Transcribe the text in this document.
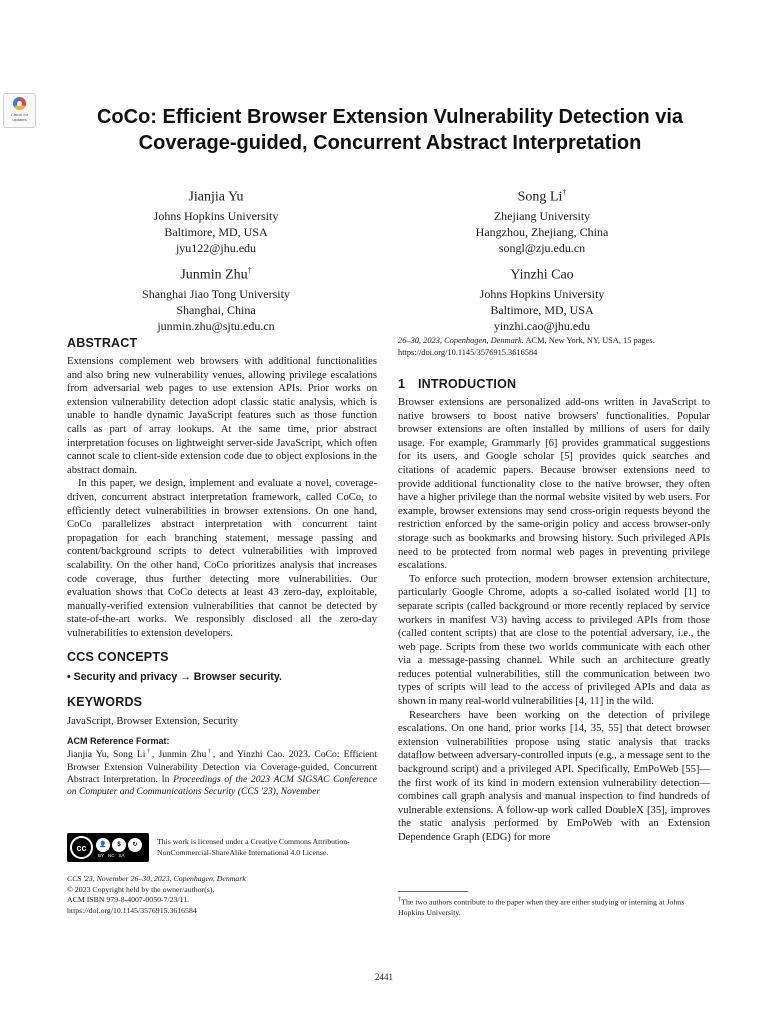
Check for
updates	CoCo: Efficient Browser Extension Vulnerability Detection via
Coverage-guided, Concurrent Abstract Interpretation
Jianjia Yu
Johns Hopkins University
Baltimore, MD, USA
jyu122@jhu.edu
Song Li†
Zhejiang University
Hangzhou, Zhejiang, China
songl@zju.edu.cn
Junmin Zhu†
Shanghai Jiao Tong University
Shanghai, China
junmin.zhu@sjtu.edu.cn
Yinzhi Cao
Johns Hopkins University
Baltimore, MD, USA
yinzhi.cao@jhu.edu
ABSTRACT

Extensions complement web browsers with additional functionalities and also bring new vulnerability venues, allowing privilege escalations from adversarial web pages to use extension APIs. Prior works on extension vulnerability detection adopt classic static analysis, which is unable to handle dynamic JavaScript features such as those function calls as part of array lookups. At the same time, prior abstract interpretation focuses on lightweight server-side JavaScript, which often cannot scale to client-side extension code due to object explosions in the abstract domain.

In this paper, we design, implement and evaluate a novel, coverage-driven, concurrent abstract interpretation framework, called CoCo, to efficiently detect vulnerabilities in browser extensions. On one hand, CoCo parallelizes abstract interpretation with concurrent taint propagation for each branching statement, message passing and content/background scripts to detect vulnerabilities with improved scalability. On the other hand, CoCo prioritizes analysis that increases code coverage, thus further detecting more vulnerabilities. Our evaluation shows that CoCo detects at least 43 zero-day, exploitable, manually-verified extension vulnerabilities that cannot be detected by state-of-the-art works. We responsibly disclosed all the zero-day vulnerabilities to extension developers.

CCS CONCEPTS
• Security and privacy → Browser security.
KEYWORDS

JavaScript, Browser Extension, Security

ACM Reference Format:
Jianjia Yu, Song Li†, Junmin Zhu†, and Yinzhi Cao. 2023. CoCo: Efficient Browser Extension Vulnerability Detection via Coverage-guided, Concurrent Abstract Interpretation. In Proceedings of the 2023 ACM SIGSAC Conference on Computer and Communications Security (CCS '23), November
cc	👤	$	↻
BY NC SA
This work is licensed under a Creative Commons Attribution-NonCommercial-ShareAlike International 4.0 License.
CCS '23, November 26–30, 2023, Copenhagen, Denmark
© 2023 Copyright held by the owner/author(s).
ACM ISBN 979-8-4007-0050-7/23/11.
https://doi.org/10.1145/3576915.3616584
26–30, 2023, Copenhagen, Denmark. ACM, New York, NY, USA, 15 pages. https://doi.org/10.1145/3576915.3616584
1 INTRODUCTION

Browser extensions are personalized add-ons written in JavaScript to native browsers to boost native browsers' functionalities. Popular browser extensions are often installed by millions of users for daily usage. For example, Grammarly [6] provides grammatical suggestions for its users, and Google scholar [5] provides quick searches and citations of academic papers. Because browser extensions need to provide additional functionality close to the native browser, they often have a higher privilege than the normal website visited by web users. For example, browser extensions may send cross-origin requests beyond the restriction enforced by the same-origin policy and access browser-only storage such as bookmarks and browsing history. Such privileged APIs need to be protected from normal web pages in preventing privilege escalations.

To enforce such protection, modern browser extension architecture, particularly Google Chrome, adopts a so-called isolated world [1] to separate scripts (called background or more recently replaced by service workers in manifest V3) having access to privileged APIs from those (called content scripts) that are close to the potential adversary, i.e., the web page. Scripts from these two worlds communicate with each other via a message-passing channel. While such an architecture greatly reduces potential vulnerabilities, still the communication between two types of scripts will lead to the access of privileged APIs and data as shown in many real-world vulnerabilities [4, 11] in the wild.

Researchers have been working on the detection of privilege escalations. On one hand, prior works [14, 35, 55] that detect browser extension vulnerabilities propose using static analysis that tracks dataflow between adversary-controlled inputs (e.g., a message sent to the background script) and a privileged API. Specifically, EmPoWeb [55]—the first work of its kind in modern extension vulnerability detection—combines call graph analysis and manual inspection to find hundreds of vulnerable extensions. A follow-up work called DoubleX [35], improves the static analysis performed by EmPoWeb with an Extension Dependence Graph (EDG) for more

†The two authors contribute to the paper when they are either studying or interning at Johns Hopkins University.
2441
